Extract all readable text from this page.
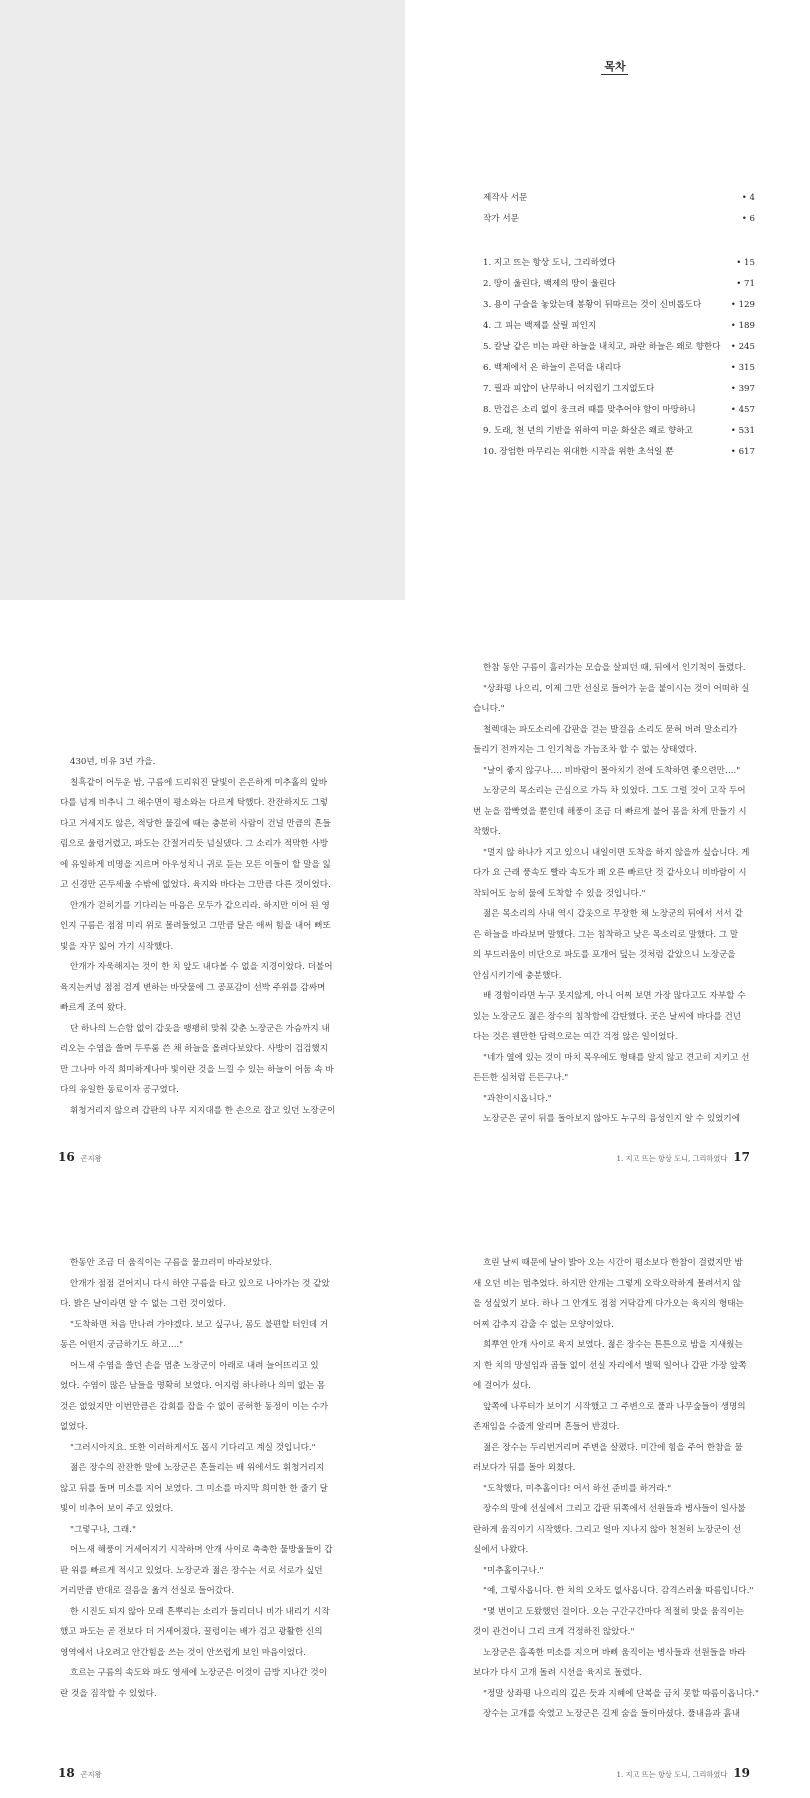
목차
제작사 서문	• 4
작가 서문	• 6
1. 지고 뜨는 항상 도니, 그리하였다	• 15
2. 땅이 울린다, 백제의 땅이 울린다	• 71
3. 용이 구슬을 놓았는데 봉황이 뒤따르는 것이 신비롭도다	• 129
4. 그 피는 백제를 살릴 피인지	• 189
5. 칼날 같은 비는 파란 하늘을 내치고, 파란 하늘은 왜로 향한다 • 245
6. 백제에서 온 하늘이 은덕을 내리다	• 315
7. 필과 피얍이 난무하니 어지럽기 그지없도다	• 397
8. 만겁은 소리 없이 웅크려 때를 맞추어야 함이 마땅하니	• 457
9. 도래, 천 년의 기반을 위하여 미운 화살은 왜로 향하고	• 531
10. 장엄한 마무리는 위대한 시작을 위한 초석일 뿐	• 617
430년, 비유 3년 가을.
칠흑같이 어두운 밤, 구름에 드리워진 달빛이 은은하게 미추홀의 앞바
다를 넘게 비추니 그 해수면이 평소와는 다르게 탁했다. 잔잔하지도 그렇
다고 거세지도 않은, 적당한 물길에 때는 충분히 사람이 건널 만큼의 흔들
림으로 울렁거렸고, 파도는 간절거리듯 넘실댔다. 그 소리가 적막한 사방
에 유일하게 비명을 지르며 아우성치니 귀로 듣는 모든 이들이 할 말을 잃
고 신경만 곤두세울 수밖에 없었다. 육지와 바다는 그만큼 다른 것이었다.
안개가 걷히기를 기다리는 마음은 모두가 같으리라. 하지만 이어 된 영
인지 구름은 점점 미리 위로 몰려들었고 그만큼 달은 애써 힘을 내어 뻐또
빛을 자꾸 잃어 가기 시작했다.
안개가 자욱해지는 것이 한 치 앞도 내다볼 수 없을 지경이었다. 더불어
육지는커녕 점점 검게 변하는 바닷물에 그 공포감이 선박 주위를 감싸며
빠르게 조여 왔다.
단 하나의 느슨함 없이 갑옷을 팽팽히 맞춰 갖춘 노장군은 가슴까지 내
리오는 수염을 쓸며 두루룸 쓴 채 하늘을 올려다보았다. 사방이 검검했지
만 그나마 아직 희미하게나마 빛이란 것을 느낄 수 있는 하늘이 어둠 속 바
다의 유일한 동료이자 공구였다.
휘청거리지 않으려 갑판의 나무 지지대를 한 손으로 잡고 있던 노장군이
한참 동안 구름이 흘러가는 모습을 살피던 때, 뒤에서 인기척이 들렸다.
"상좌평 나으리, 이제 그만 선실로 들어가 눈을 붙이시는 것이 어떠하 실
습니다."
철렉대는 파도소리에 갑판을 걷는 발걸음 소리도 묻혀 버려 말소리가
들리기 전까지는 그 인기척을 가늠조차 할 수 없는 상태였다.
"날이 좋지 않구나…. 비바람이 몰아치기 전에 도착하면 좋으련만…."
노장군의 목소리는 근심으로 가득 차 있었다. 그도 그럴 것이 고작 두어
번 눈을 깜빡였을 뿐인데 해풍이 조금 더 빠르게 불어 몸을 차게 만들기 시
작했다.
"멀지 않 하나가 지고 있으니 내일이면 도착을 하지 않을까 싶습니다. 게
다가 요 근래 풍속도 빨라 속도가 꽤 오른 빠르단 것 같사오니 비바람이 시
작되어도 능히 물에 도착할 수 있을 것입니다."
젊은 목소리의 사내 역시 갑옷으로 무장한 채 노장군의 뒤에서 서서 같
은 하늘을 바라보며 말했다. 그는 침착하고 낮은 목소리로 말했다. 그 말
의 부드러움이 비단으로 파도를 포개어 덮는 것처럼 같았으니 노장군을
안심시키기에 충분했다.
배 경험이라면 누구 못지않게, 아니 어찌 보면 가장 많다고도 자부할 수
있는 노장군도 젊은 장수의 침착함에 감탄했다. 곳은 날씨에 바다를 건넌
다는 것은 웬만한 담력으로는 여간 걱정 않은 일이었다.
"네가 옆에 있는 것이 마치 목우에도 형태를 알지 않고 견고히 지키고 선
든든한 심처럼 든든구나."
"과찬이시옵니다."
노장군은 굳이 뒤를 돌아보지 않아도 누구의 음성인지 알 수 있었기에
16 곤지왕	1. 지고 뜨는 항상 도니, 그리하였다 17
한동안 조금 더 움직이는 구름을 물끄러미 바라보았다.
안개가 점점 걷어지니 다시 하얀 구름을 타고 있으로 나아가는 것 같았
다. 밝은 날이라면 알 수 없는 그런 것이었다.
"도착하면 처음 만나려 가야겠다. 보고 싶구나, 몸도 불편할 터인데 거
동은 어떤지 궁금하기도 하고…."
어느새 수염을 쓸던 손을 멈춘 노장군이 아래로 내려 늘어뜨리고 있
었다. 수염이 많은 남들을 명확히 보였다. 어지럼 하나하나 의미 없는 몸
것은 없었지만 이번만큼은 감회를 잡을 수 없이 공허한 동정이 이는 수가
없었다.
"그러시아지요. 또한 이러하게서도 몹시 기다리고 계실 것입니다."
젊은 장수의 잔잔한 말에 노장군은 흔들리는 배 위에서도 휘청거리지
않고 뒤를 돌며 미소를 지어 보였다. 그 미소를 마지막 희미한 한 줄기 달
빛이 비추어 보이 주고 있었다.
"그렇구나, 그래."
어느새 해풍이 거세어지기 시작하며 안개 사이로 축축한 물방울들이 갑
판 위를 빠르게 적시고 있었다. 노장군과 젊은 장수는 서로 서로가 싶던
거리만큼 반대로 걸음을 옮겨 선실로 들어갔다.
한 시진도 되지 않아 모래 흔뿌리는 소리가 들리더니 비가 내리기 시작
했고 파도는 곧 전보다 더 거세어졌다. 꿀렁이는 배가 검고 광활한 신의
영역에서 나오려고 안간힘을 쓰는 것이 안쓰럽게 보인 마음이었다.
흐르는 구름의 속도와 파도 영세에 노장군은 이것이 금방 지나간 것이
란 것을 짐작할 수 있었다.
흐린 날씨 때문에 날이 밝아 오는 시간이 평소보다 한참이 걸렸지만 밤
새 오던 비는 멈추었다. 하지만 안개는 그렇게 오락오락하게 몰려서지 않
을 성싶었기 보다. 하나 그 안개도 점점 거닥감게 다가오는 육지의 형태는
어찌 감추지 감출 수 없는 모양이었다.
희뿌연 안개 사이로 육지 보였다. 젊은 장수는 튼튼으로 밤을 지새웠는
지 한 치의 망설임과 곱들 없이 선실 자리에서 벌떡 일어나 갑판 가장 앞쪽
에 걸어가 섰다.
앞쪽에 나루터가 보이기 시작했고 그 주변으로 풀과 나무숲들이 생명의
존재임을 수줍게 알리며 흔들어 반겼다.
젊은 장수는 두리번거리며 주변을 살폈다. 미간에 힘을 주어 한참을 물
러보다가 뒤를 돌아 외쳤다.
"도착했다, 미추홀이다! 어서 하선 준비를 하거라."
장수의 말에 선실에서 그리고 갑판 뒤쪽에서 선원들과 병사들이 일사불
란하게 움직이기 시작했다. 그리고 얼마 지나지 않아 천천히 노장군이 선
실에서 나왔다.
"미추홀이구나."
"예, 그렇사옵니다. 한 치의 오차도 없사옵니다. 감격스러울 따름입니다."
"몇 번이고 도왔했던 걸이다. 오는 구간구간마다 적절히 맞을 움직이는
것이 관건이니 그리 크게 걱정하진 않았다."
노장군은 흡족한 미소를 지으며 바삐 움직이는 병사들과 선원들을 바라
보다가 다시 고개 돌려 시선을 육지로 돌렸다.
"정말 상좌평 나으리의 깊은 듯과 지혜에 단복을 금치 못할 따름이옵니다."
장수는 고개를 숙였고 노장군은 길게 숨을 들이마셨다. 풀내음과 흙내
18 곤지왕	1. 지고 뜨는 항상 도니, 그리하였다 19
